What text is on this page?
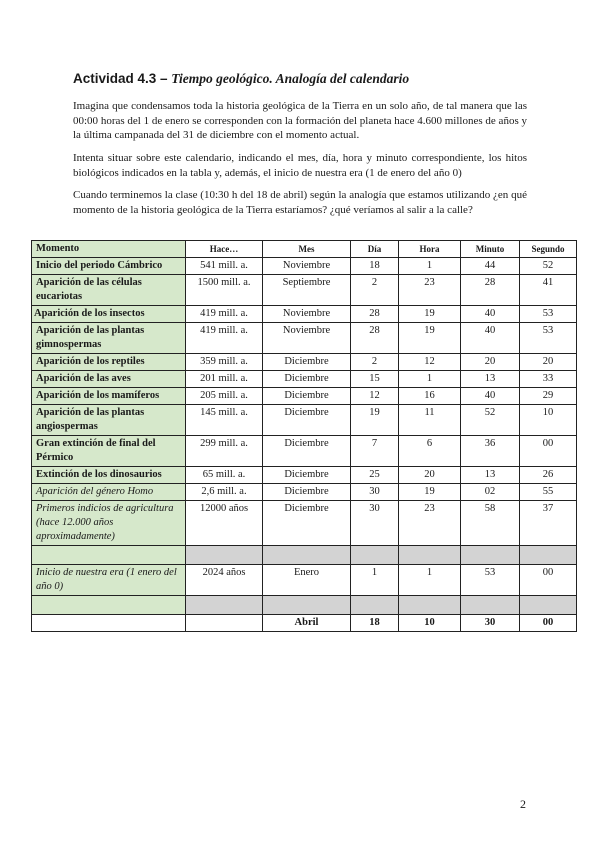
Actividad 4.3 – Tiempo geológico. Analogía del calendario

Imagina que condensamos toda la historia geológica de la Tierra en un solo año, de tal manera que las 00:00 horas del 1 de enero se corresponden con la formación del planeta hace 4.600 millones de años y la última campanada del 31 de diciembre con el momento actual.

Intenta situar sobre este calendario, indicando el mes, día, hora y minuto correspondiente, los hitos biológicos indicados en la tabla y, además, el inicio de nuestra era (1 de enero del año 0)

Cuando terminemos la clase (10:30 h del 18 de abril) según la analogía que estamos utilizando ¿en qué momento de la historia geológica de la Tierra estaríamos? ¿qué veríamos al salir a la calle?

Momento	Hace…	Mes	Día	Hora	Minuto	Segundo
Inicio del periodo Cámbrico	541 mill. a.	Noviembre	18	1	44	52
Aparición de las células eucariotas	1500 mill. a.	Septiembre	2	23	28	41
Aparición de los insectos	419 mill. a.	Noviembre	28	19	40	53
Aparición de las plantas gimnospermas	419 mill. a.	Noviembre	28	19	40	53
Aparición de los reptiles	359 mill. a.	Diciembre	2	12	20	20
Aparición de las aves	201 mill. a.	Diciembre	15	1	13	33
Aparición de los mamíferos	205 mill. a.	Diciembre	12	16	40	29
Aparición de las plantas angiospermas	145 mill. a.	Diciembre	19	11	52	10
Gran extinción de final del Pérmico	299 mill. a.	Diciembre	7	6	36	00
Extinción de los dinosaurios	65 mill. a.	Diciembre	25	20	13	26
Aparición del género Homo	2,6 mill. a.	Diciembre	30	19	02	55
Primeros indicios de agricultura (hace 12.000 años aproximadamente)	12000 años	Diciembre	30	23	58	37

Inicio de nuestra era (1 enero del año 0)	2024 años	Enero	1	1	53	00

		Abril	18	10	30	00
2
